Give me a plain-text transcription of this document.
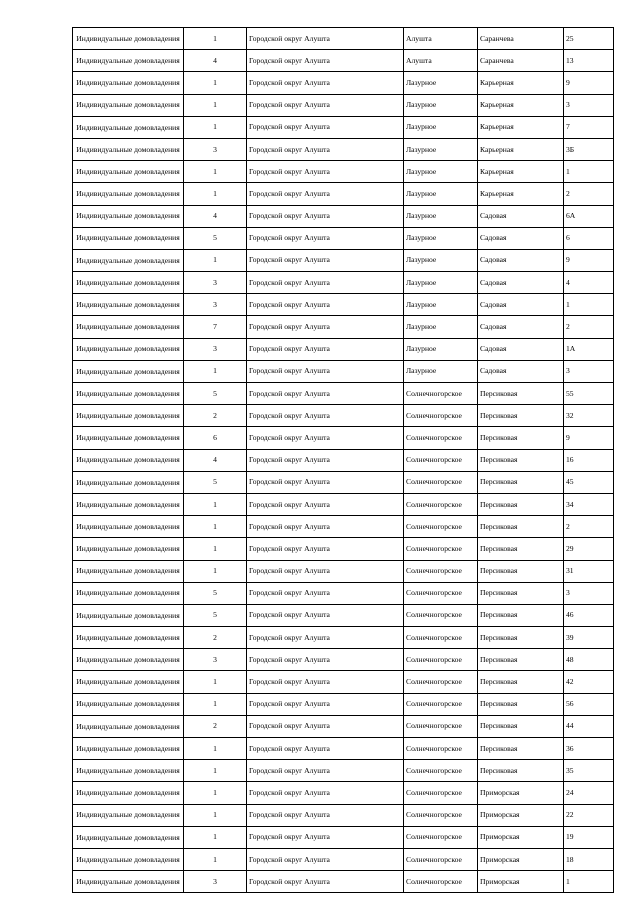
Индивидуальные домовладения	1	Городской округ Алушта	Алушта	Саранчева	25
Индивидуальные домовладения	4	Городской округ Алушта	Алушта	Саранчева	13
Индивидуальные домовладения	1	Городской округ Алушта	Лазурное	Карьерная	9
Индивидуальные домовладения	1	Городской округ Алушта	Лазурное	Карьерная	3
Индивидуальные домовладения	1	Городской округ Алушта	Лазурное	Карьерная	7
Индивидуальные домовладения	3	Городской округ Алушта	Лазурное	Карьерная	3Б
Индивидуальные домовладения	1	Городской округ Алушта	Лазурное	Карьерная	1
Индивидуальные домовладения	1	Городской округ Алушта	Лазурное	Карьерная	2
Индивидуальные домовладения	4	Городской округ Алушта	Лазурное	Садовая	6А
Индивидуальные домовладения	5	Городской округ Алушта	Лазурное	Садовая	6
Индивидуальные домовладения	1	Городской округ Алушта	Лазурное	Садовая	9
Индивидуальные домовладения	3	Городской округ Алушта	Лазурное	Садовая	4
Индивидуальные домовладения	3	Городской округ Алушта	Лазурное	Садовая	1
Индивидуальные домовладения	7	Городской округ Алушта	Лазурное	Садовая	2
Индивидуальные домовладения	3	Городской округ Алушта	Лазурное	Садовая	1А
Индивидуальные домовладения	1	Городской округ Алушта	Лазурное	Садовая	3
Индивидуальные домовладения	5	Городской округ Алушта	Солнечногорское	Персиковая	55
Индивидуальные домовладения	2	Городской округ Алушта	Солнечногорское	Персиковая	32
Индивидуальные домовладения	6	Городской округ Алушта	Солнечногорское	Персиковая	9
Индивидуальные домовладения	4	Городской округ Алушта	Солнечногорское	Персиковая	16
Индивидуальные домовладения	5	Городской округ Алушта	Солнечногорское	Персиковая	45
Индивидуальные домовладения	1	Городской округ Алушта	Солнечногорское	Персиковая	34
Индивидуальные домовладения	1	Городской округ Алушта	Солнечногорское	Персиковая	2
Индивидуальные домовладения	1	Городской округ Алушта	Солнечногорское	Персиковая	29
Индивидуальные домовладения	1	Городской округ Алушта	Солнечногорское	Персиковая	31
Индивидуальные домовладения	5	Городской округ Алушта	Солнечногорское	Персиковая	3
Индивидуальные домовладения	5	Городской округ Алушта	Солнечногорское	Персиковая	46
Индивидуальные домовладения	2	Городской округ Алушта	Солнечногорское	Персиковая	39
Индивидуальные домовладения	3	Городской округ Алушта	Солнечногорское	Персиковая	48
Индивидуальные домовладения	1	Городской округ Алушта	Солнечногорское	Персиковая	42
Индивидуальные домовладения	1	Городской округ Алушта	Солнечногорское	Персиковая	56
Индивидуальные домовладения	2	Городской округ Алушта	Солнечногорское	Персиковая	44
Индивидуальные домовладения	1	Городской округ Алушта	Солнечногорское	Персиковая	36
Индивидуальные домовладения	1	Городской округ Алушта	Солнечногорское	Персиковая	35
Индивидуальные домовладения	1	Городской округ Алушта	Солнечногорское	Приморская	24
Индивидуальные домовладения	1	Городской округ Алушта	Солнечногорское	Приморская	22
Индивидуальные домовладения	1	Городской округ Алушта	Солнечногорское	Приморская	19
Индивидуальные домовладения	1	Городской округ Алушта	Солнечногорское	Приморская	18
Индивидуальные домовладения	3	Городской округ Алушта	Солнечногорское	Приморская	1
